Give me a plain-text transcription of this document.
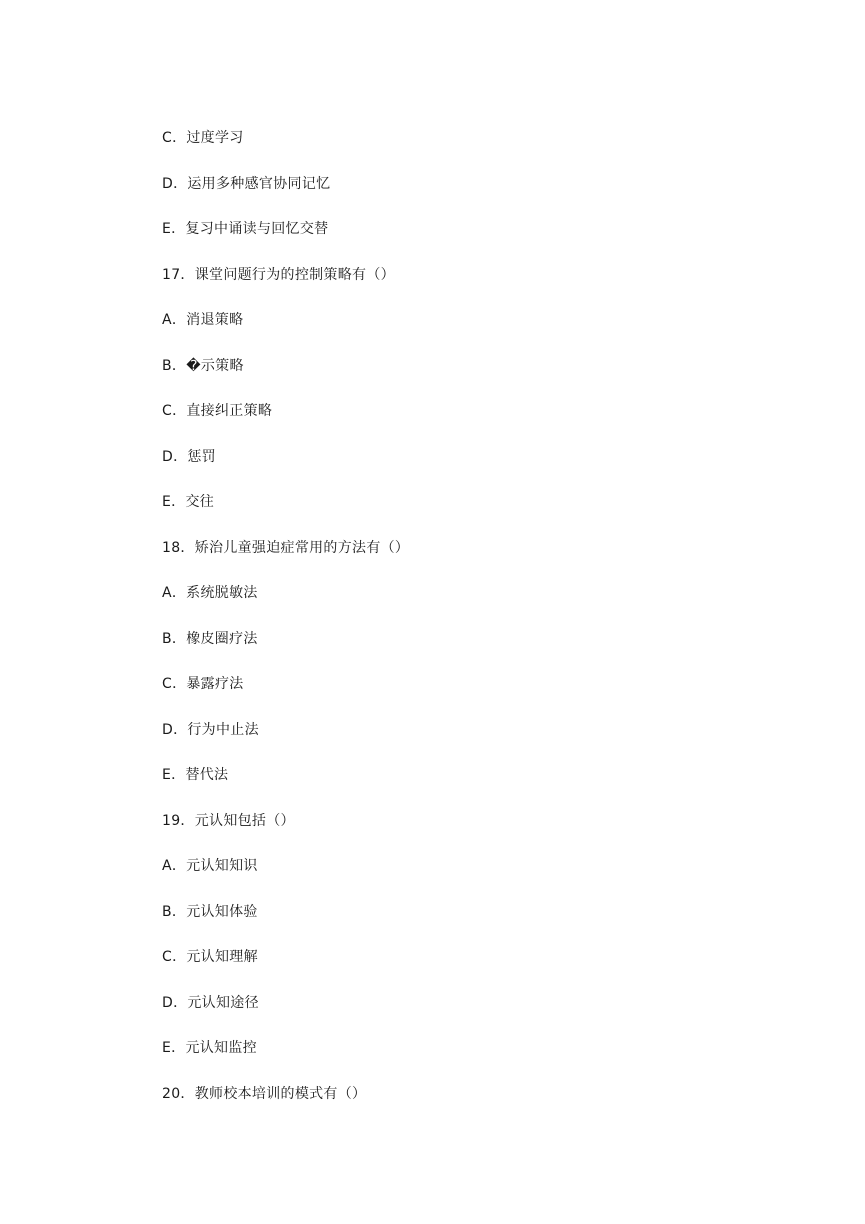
C．过度学习
D．运用多种感官协同记忆
E．复习中诵读与回忆交替
17．课堂问题行为的控制策略有（）
A．消退策略
B．�示策略
C．直接纠正策略
D．惩罚
E．交往
18．矫治儿童强迫症常用的方法有（）
A．系统脱敏法
B．橡皮圈疗法
C．暴露疗法
D．行为中止法
E．替代法
19．元认知包括（）
A．元认知知识
B．元认知体验
C．元认知理解
D．元认知途径
E．元认知监控
20．教师校本培训的模式有（）
